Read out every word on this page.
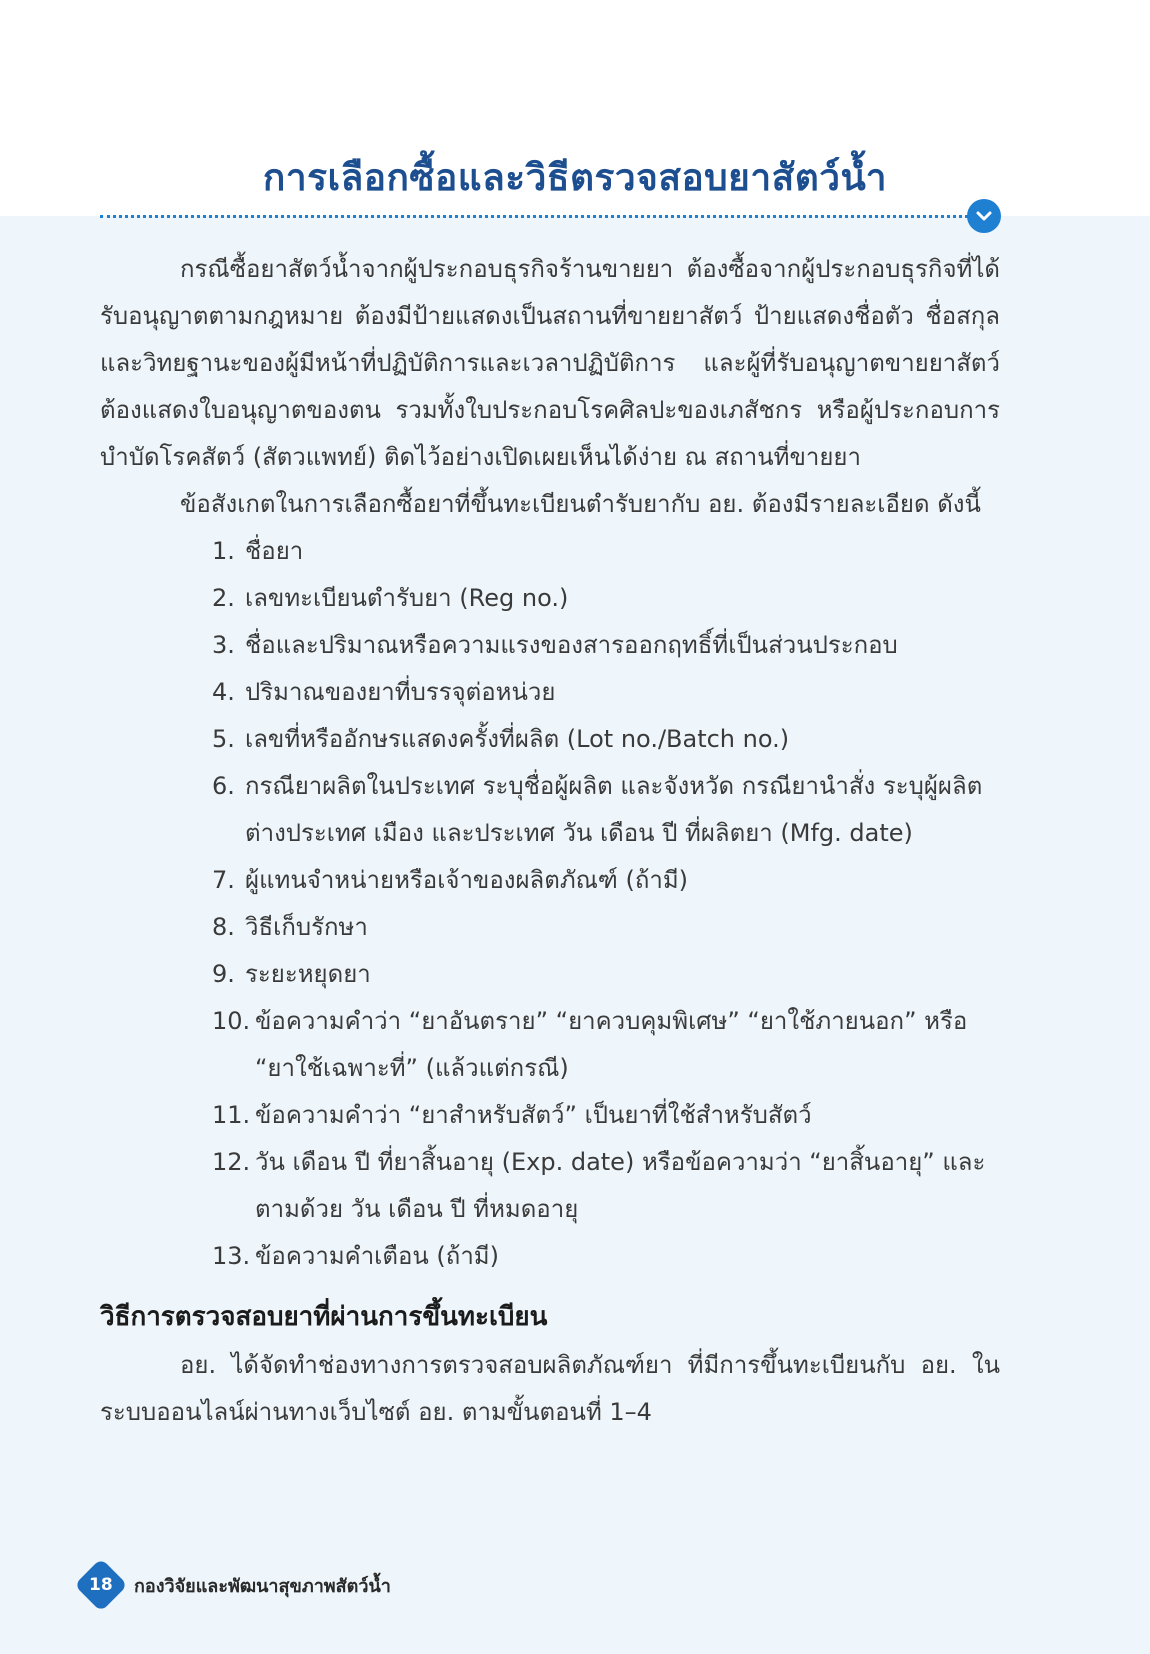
การเลือกซื้อและวิธีตรวจสอบยาสัตว์น้ำ

กรณีซื้อยาสัตว์น้ำจากผู้ประกอบธุรกิจร้านขายยา ต้องซื้อจากผู้ประกอบธุรกิจที่ได้รับอนุญาตตามกฎหมาย ต้องมีป้ายแสดงเป็นสถานที่ขายยาสัตว์ ป้ายแสดงชื่อตัว ชื่อสกุล และวิทยฐานะของผู้มีหน้าที่ปฏิบัติการและเวลาปฏิบัติการ และผู้ที่รับอนุญาตขายยาสัตว์ต้องแสดงใบอนุญาตของตน รวมทั้งใบประกอบโรคศิลปะของเภสัชกร หรือผู้ประกอบการบำบัดโรคสัตว์ (สัตวแพทย์) ติดไว้อย่างเปิดเผยเห็นได้ง่าย ณ สถานที่ขายยา

ข้อสังเกตในการเลือกซื้อยาที่ขึ้นทะเบียนตำรับยากับ อย. ต้องมีรายละเอียด ดังนี้

1. ชื่อยา
2. เลขทะเบียนตำรับยา (Reg no.)
3. ชื่อและปริมาณหรือความแรงของสารออกฤทธิ์ที่เป็นส่วนประกอบ
4. ปริมาณของยาที่บรรจุต่อหน่วย
5. เลขที่หรืออักษรแสดงครั้งที่ผลิต (Lot no./Batch no.)
6. กรณียาผลิตในประเทศ ระบุชื่อผู้ผลิต และจังหวัด กรณียานำสั่ง ระบุผู้ผลิตต่างประเทศ เมือง และประเทศ วัน เดือน ปี ที่ผลิตยา (Mfg. date)
7. ผู้แทนจำหน่ายหรือเจ้าของผลิตภัณฑ์ (ถ้ามี)
8. วิธีเก็บรักษา
9. ระยะหยุดยา
10. ข้อความคำว่า “ยาอันตราย” “ยาควบคุมพิเศษ” “ยาใช้ภายนอก” หรือ “ยาใช้เฉพาะที่” (แล้วแต่กรณี)
11. ข้อความคำว่า “ยาสำหรับสัตว์” เป็นยาที่ใช้สำหรับสัตว์
12. วัน เดือน ปี ที่ยาสิ้นอายุ (Exp. date) หรือข้อความว่า “ยาสิ้นอายุ” และตามด้วย วัน เดือน ปี ที่หมดอายุ
13. ข้อความคำเตือน (ถ้ามี)
วิธีการตรวจสอบยาที่ผ่านการขึ้นทะเบียน

อย. ได้จัดทำช่องทางการตรวจสอบผลิตภัณฑ์ยา ที่มีการขึ้นทะเบียนกับ อย. ในระบบออนไลน์ผ่านทางเว็บไซต์ อย. ตามขั้นตอนที่ 1–4

18 กองวิจัยและพัฒนาสุขภาพสัตว์น้ำ
